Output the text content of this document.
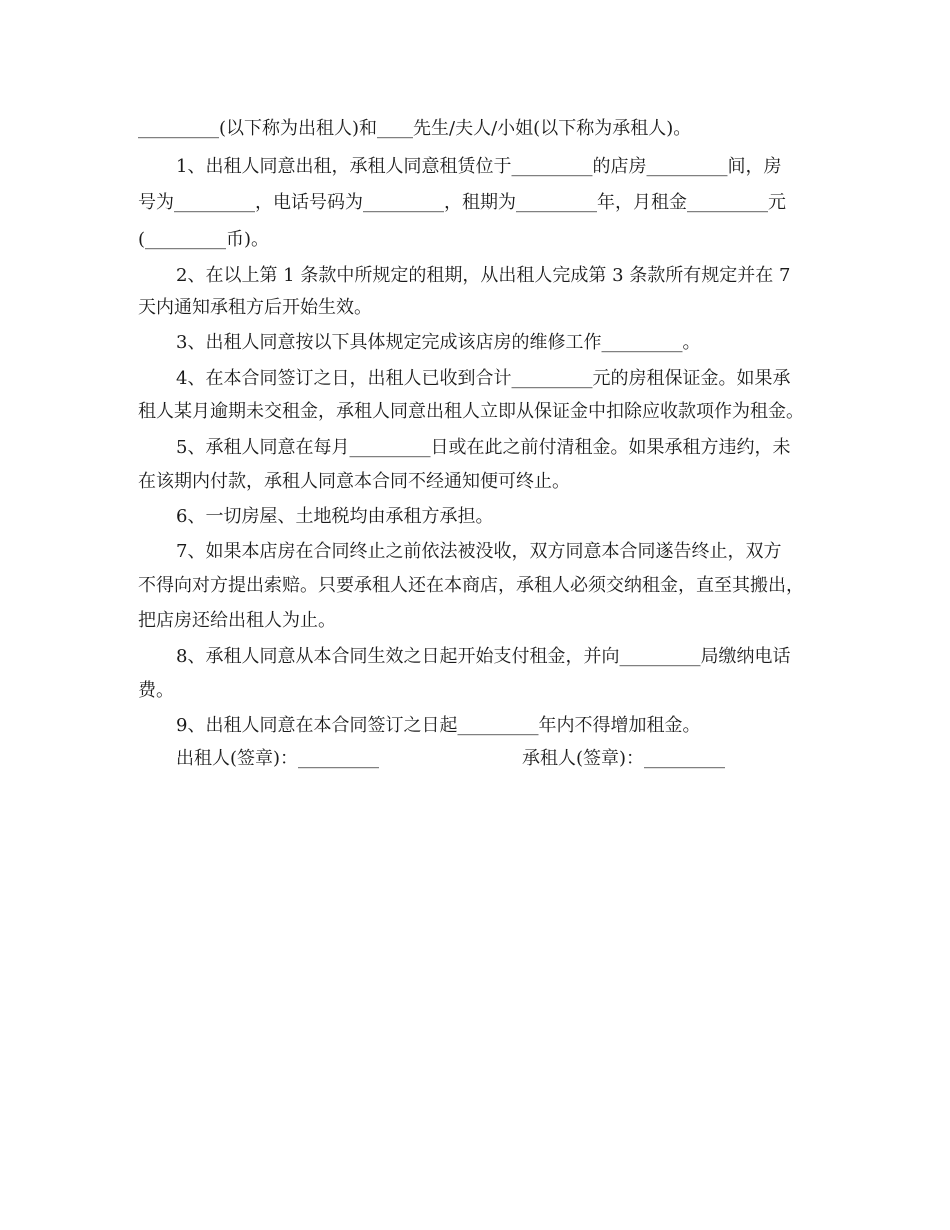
_________(以下称为出租人)和____先生/夫人/小姐(以下称为承租人)。
1、出租人同意出租，承租人同意租赁位于_________的店房_________间，房
号为_________，电话号码为_________，租期为_________年，月租金_________元
(_________币)。
2、在以上第 1 条款中所规定的租期，从出租人完成第 3 条款所有规定并在 7
天内通知承租方后开始生效。
3、出租人同意按以下具体规定完成该店房的维修工作_________。
4、在本合同签订之日，出租人已收到合计_________元的房租保证金。如果承
租人某月逾期未交租金，承租人同意出租人立即从保证金中扣除应收款项作为租金。
5、承租人同意在每月_________日或在此之前付清租金。如果承租方违约，未
在该期内付款，承租人同意本合同不经通知便可终止。
6、一切房屋、土地税均由承租方承担。
7、如果本店房在合同终止之前依法被没收，双方同意本合同遂告终止，双方
不得向对方提出索赔。只要承租人还在本商店，承租人必须交纳租金，直至其搬出，
把店房还给出租人为止。
8、承租人同意从本合同生效之日起开始支付租金，并向_________局缴纳电话
费。
9、出租人同意在本合同签订之日起_________年内不得增加租金。
出租人(签章)：_________	承租人(签章)：_________
